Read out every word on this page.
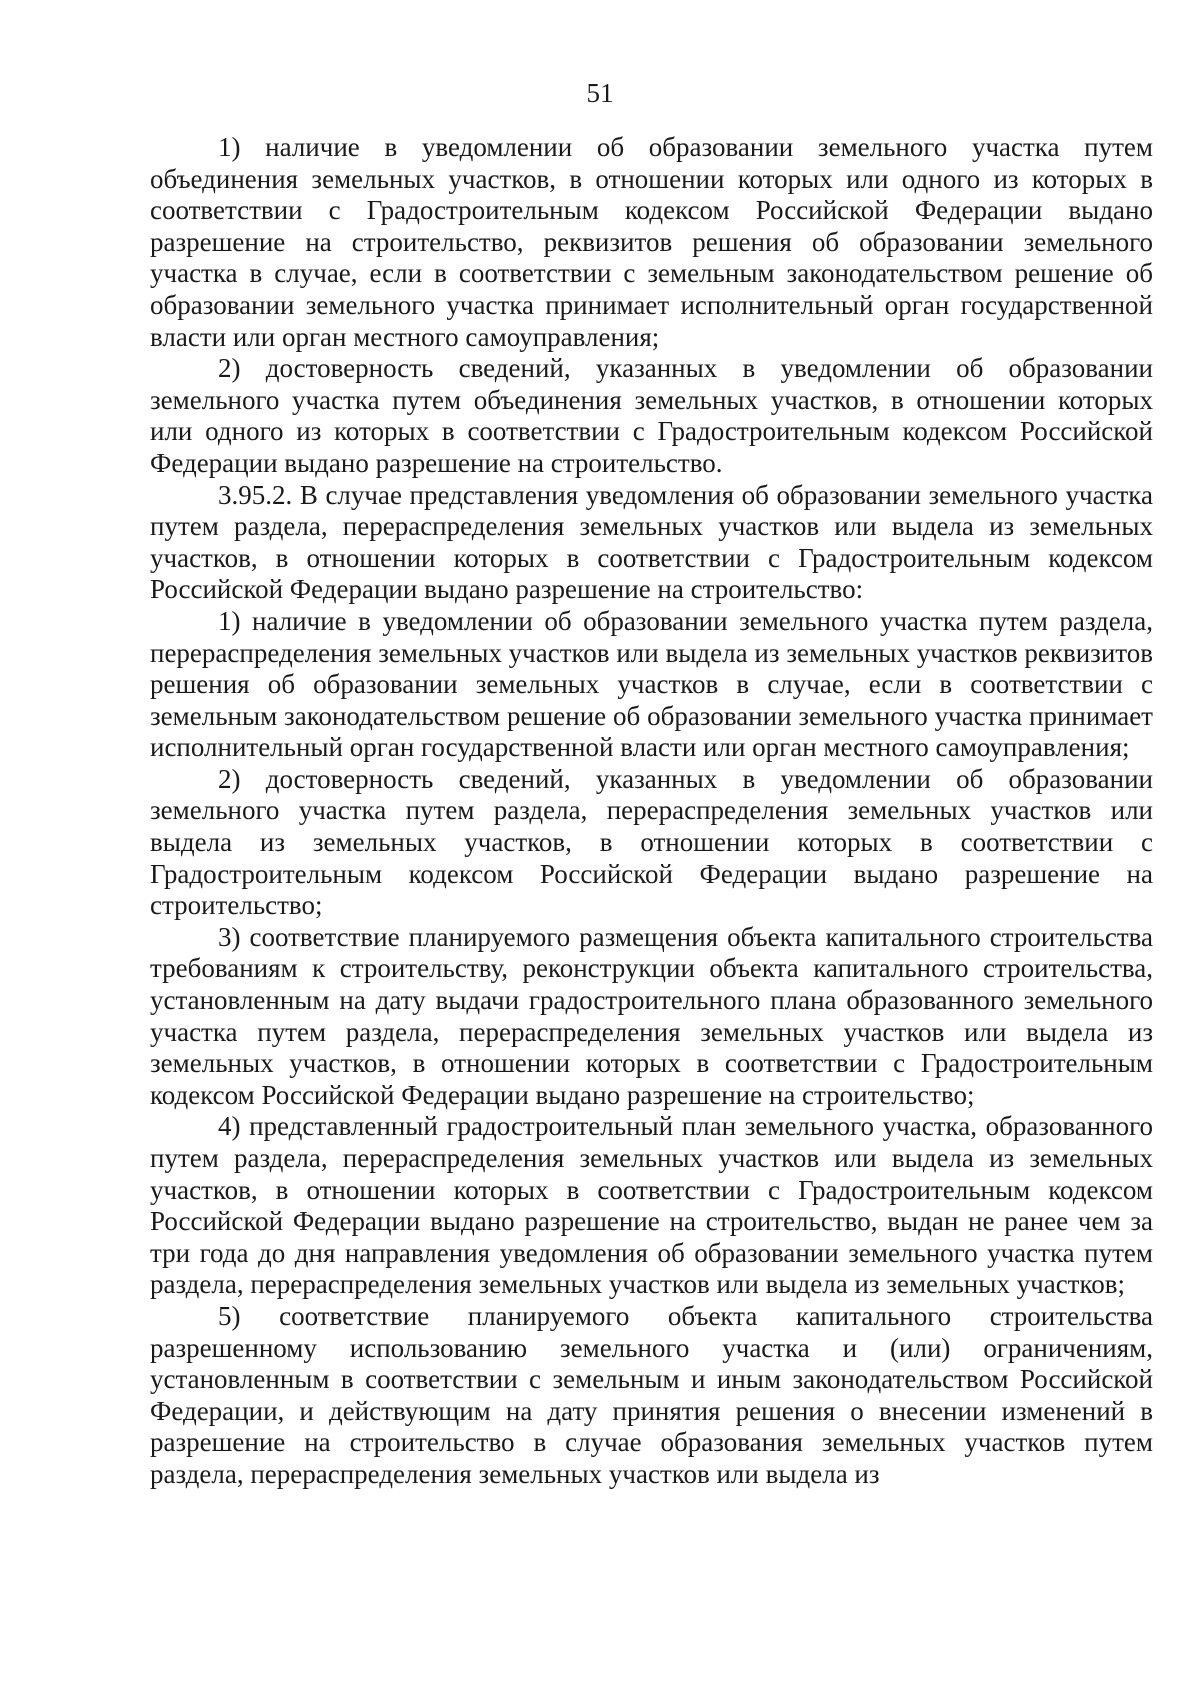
51

1) наличие в уведомлении об образовании земельного участка путем объединения земельных участков, в отношении которых или одного из которых в соответствии с Градостроительным кодексом Российской Федерации выдано разрешение на строительство, реквизитов решения об образовании земельного участка в случае, если в соответствии с земельным законодательством решение об образовании земельного участка принимает исполнительный орган государственной власти или орган местного самоуправления;

2) достоверность сведений, указанных в уведомлении об образовании земельного участка путем объединения земельных участков, в отношении которых или одного из которых в соответствии с Градостроительным кодексом Российской Федерации выдано разрешение на строительство.

3.95.2. В случае представления уведомления об образовании земельного участка путем раздела, перераспределения земельных участков или выдела из земельных участков, в отношении которых в соответствии с Градостроительным кодексом Российской Федерации выдано разрешение на строительство:

1) наличие в уведомлении об образовании земельного участка путем раздела, перераспределения земельных участков или выдела из земельных участков реквизитов решения об образовании земельных участков в случае, если в соответствии с земельным законодательством решение об образовании земельного участка принимает исполнительный орган государственной власти или орган местного самоуправления;

2) достоверность сведений, указанных в уведомлении об образовании земельного участка путем раздела, перераспределения земельных участков или выдела из земельных участков, в отношении которых в соответствии с Градостроительным кодексом Российской Федерации выдано разрешение на строительство;

3) соответствие планируемого размещения объекта капитального строительства требованиям к строительству, реконструкции объекта капитального строительства, установленным на дату выдачи градостроительного плана образованного земельного участка путем раздела, перераспределения земельных участков или выдела из земельных участков, в отношении которых в соответствии с Градостроительным кодексом Российской Федерации выдано разрешение на строительство;

4) представленный градостроительный план земельного участка, образованного путем раздела, перераспределения земельных участков или выдела из земельных участков, в отношении которых в соответствии с Градостроительным кодексом Российской Федерации выдано разрешение на строительство, выдан не ранее чем за три года до дня направления уведомления об образовании земельного участка путем раздела, перераспределения земельных участков или выдела из земельных участков;

5) соответствие планируемого объекта капитального строительства разрешенному использованию земельного участка и (или) ограничениям, установленным в соответствии с земельным и иным законодательством Российской Федерации, и действующим на дату принятия решения о внесении изменений в разрешение на строительство в случае образования земельных участков путем раздела, перераспределения земельных участков или выдела из
